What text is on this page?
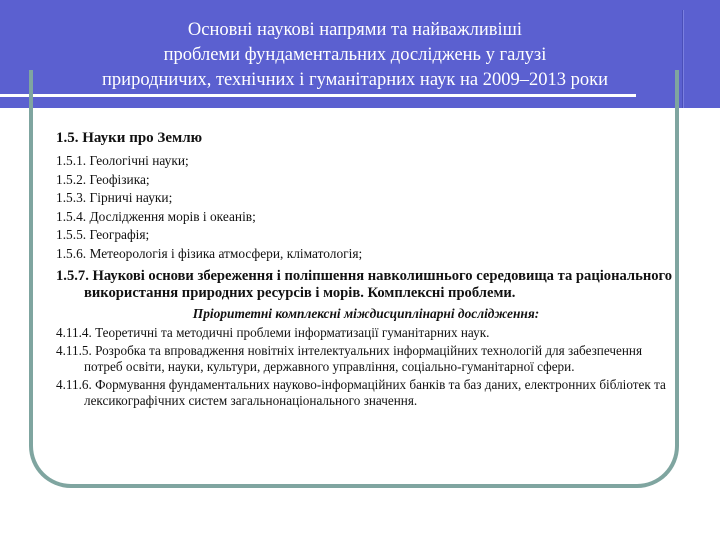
Основні наукові напрями та найважливіші
проблеми фундаментальних досліджень у галузі
природничих, технічних і гуманітарних наук на 2009–2013 роки

1.5. Науки про Землю

1.5.1. Геологічні науки;

1.5.2. Геофізика;

1.5.3. Гірничі науки;

1.5.4. Дослідження морів і океанів;

1.5.5. Географія;

1.5.6. Метеорологія і фізика атмосфери, кліматологія;

1.5.7. Наукові основи збереження і поліпшення навколишнього середовища та раціонального використання природних ресурсів і морів. Комплексні проблеми.

Пріоритетні комплексні міждисциплінарні дослідження:

4.11.4. Теоретичні та методичні проблеми інформатизації гуманітарних наук.

4.11.5. Розробка та впровадження новітніх інтелектуальних інформаційних технологій для забезпечення потреб освіти, науки, культури, державного управління, соціально-гуманітарної сфери.

4.11.6. Формування фундаментальних науково-інформаційних банків та баз даних, електронних бібліотек та лексикографічних систем загальнонаціонального значення.
